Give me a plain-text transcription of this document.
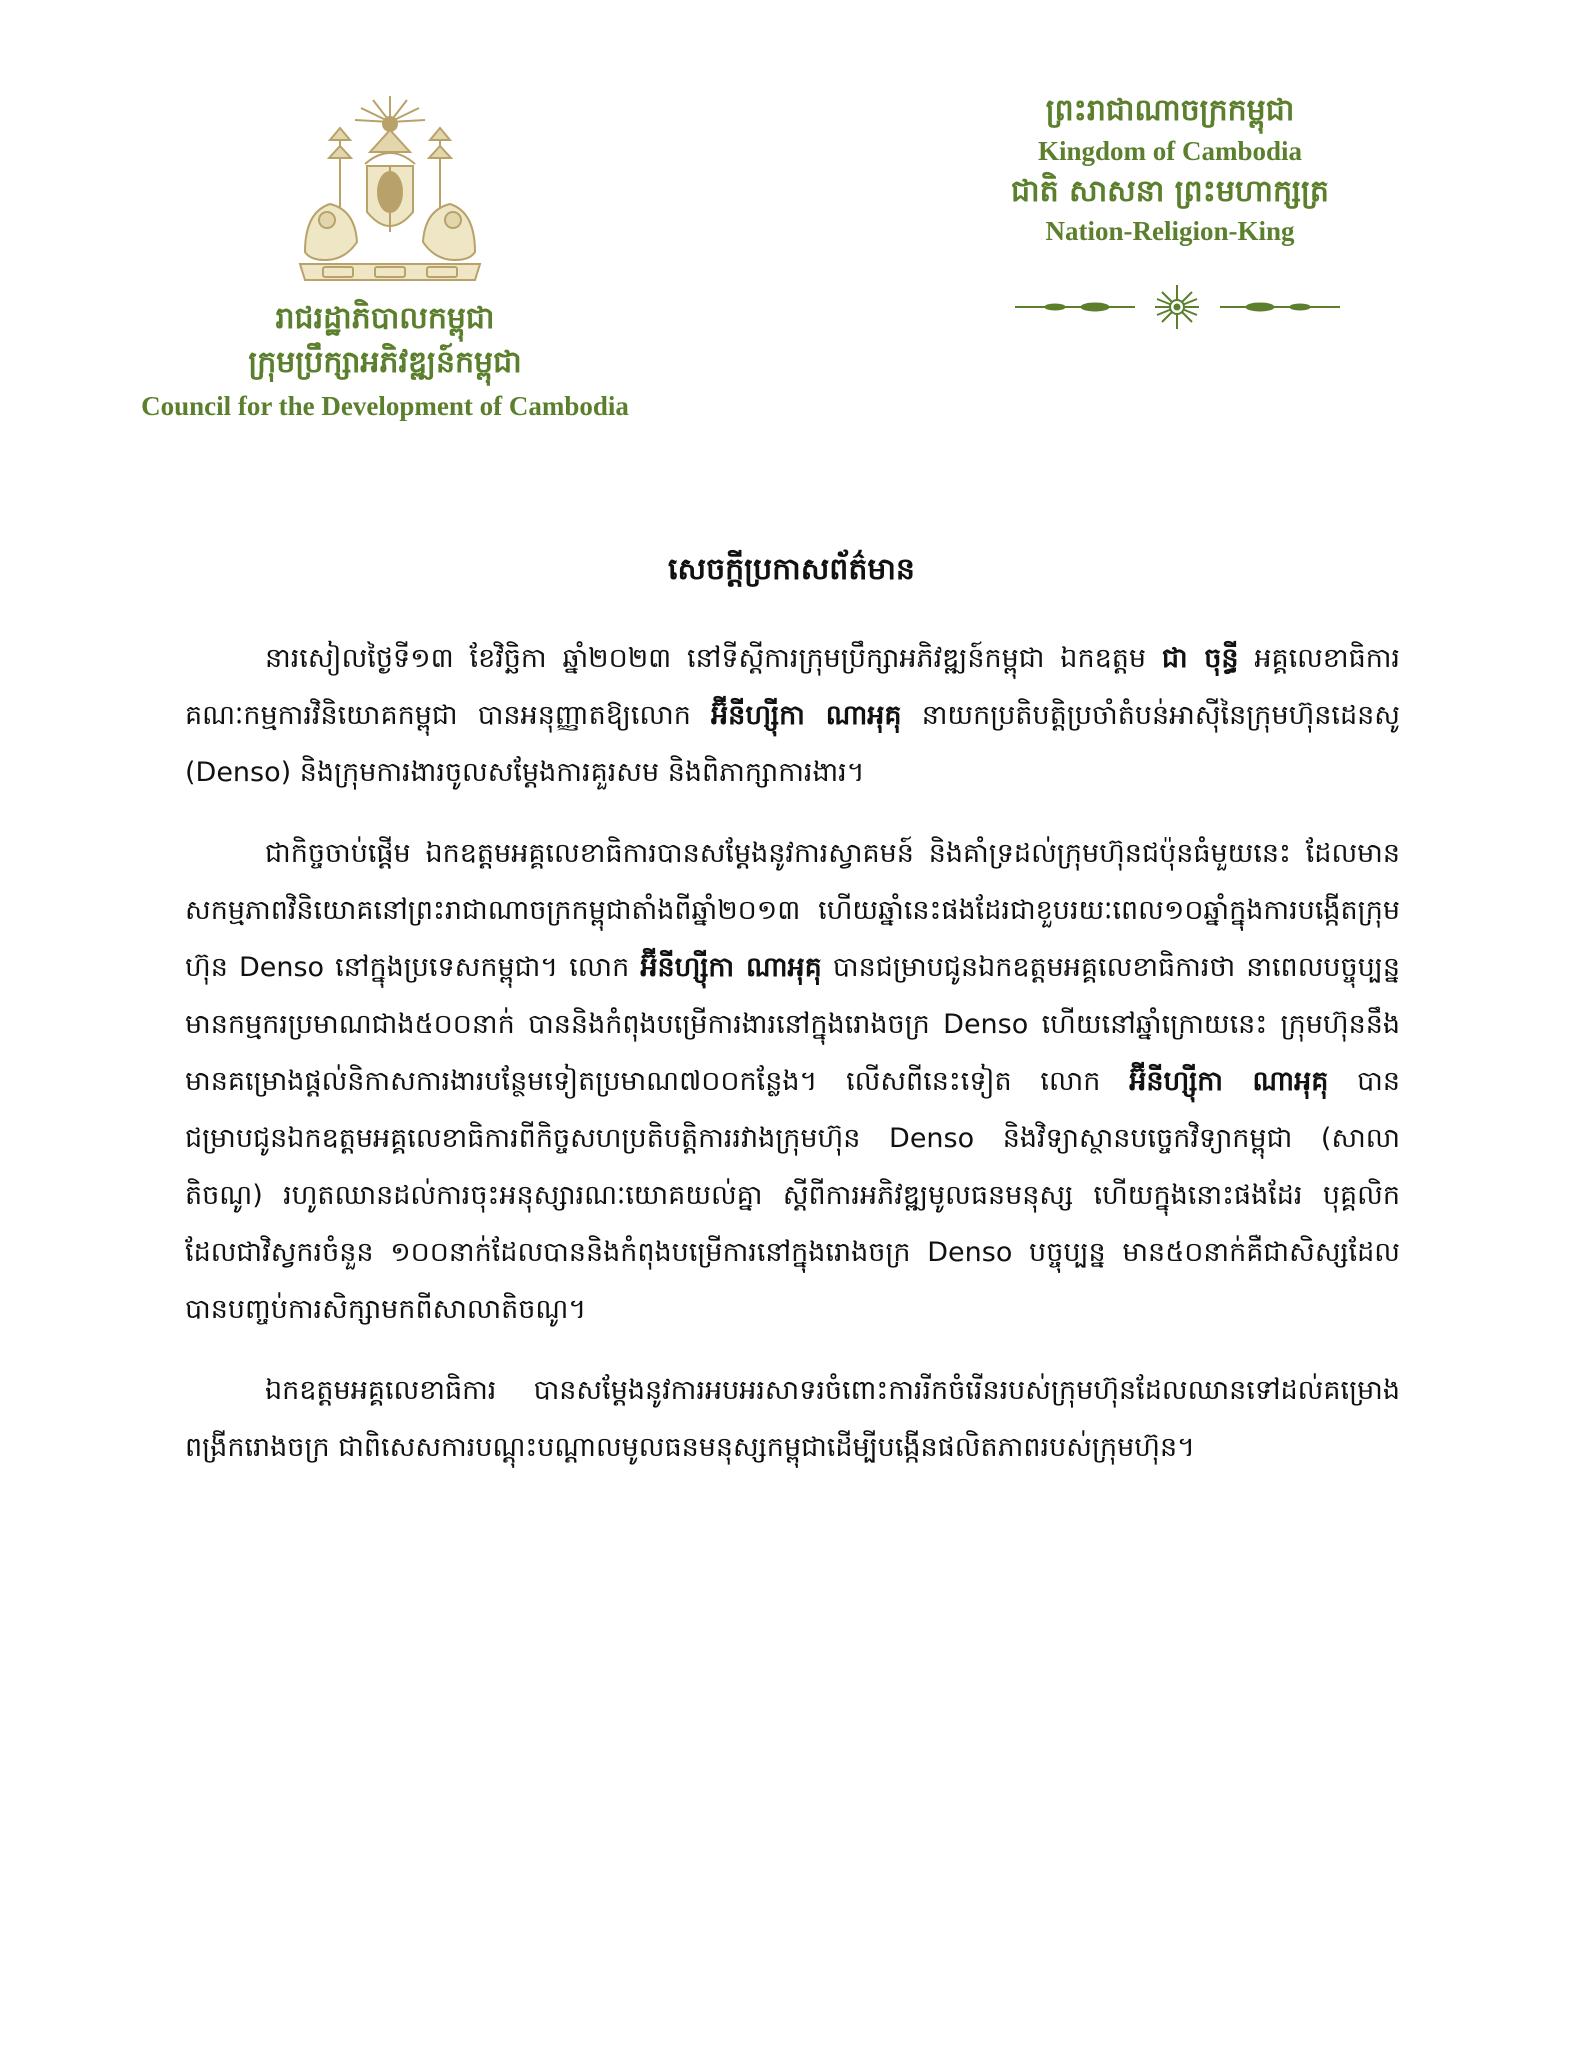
រាជរដ្ឋាភិបាលកម្ពុជា
ក្រុមប្រឹក្សាអភិវឌ្ឍន៍កម្ពុជា
Council for the Development of Cambodia
ព្រះរាជាណាចក្រកម្ពុជា
Kingdom of Cambodia
ជាតិ សាសនា ព្រះមហាក្សត្រ
Nation-Religion-King
សេចក្តីប្រកាសព័ត៌មាន

នារសៀលថ្ងៃទី១៣ ខែវិច្ឆិកា ឆ្នាំ២០២៣ នៅទីស្តីការក្រុមប្រឹក្សាអភិវឌ្ឍន៍កម្ពុជា ឯកឧត្តម ជា ចុន្ធី អគ្គលេខាធិការគណៈកម្មការវិនិយោគកម្ពុជា បានអនុញ្ញាតឱ្យលោក អ៊ីនីហ្ស៊ីកា ណាអុគុ នាយកប្រតិបត្តិប្រចាំតំបន់អាស៊ីនៃក្រុមហ៊ុនដេនសូ (Denso) និងក្រុមការងារចូលសម្តែងការគួរសម និងពិភាក្សាការងារ។

ជាកិច្ចចាប់ផ្តើម ឯកឧត្តមអគ្គលេខាធិការបានសម្តែងនូវការស្វាគមន៍ និងគាំទ្រដល់ក្រុមហ៊ុនជប៉ុនធំមួយនេះ ដែលមានសកម្មភាពវិនិយោគនៅព្រះរាជាណាចក្រកម្ពុជាតាំងពីឆ្នាំ២០១៣ ហើយឆ្នាំនេះផងដែរជាខួបរយៈពេល១០ឆ្នាំក្នុងការបង្កើតក្រុមហ៊ុន Denso នៅក្នុងប្រទេសកម្ពុជា។ លោក អ៊ីនីហ្ស៊ីកា ណាអុគុ បានជម្រាបជូនឯកឧត្តមអគ្គលេខាធិការថា នាពេលបច្ចុប្បន្ន មានកម្មករប្រមាណជាង៥០០នាក់ បាននិងកំពុងបម្រើការងារនៅក្នុងរោងចក្រ Denso ហើយនៅឆ្នាំក្រោយនេះ ក្រុមហ៊ុននឹងមានគម្រោងផ្តល់និកាសការងារបន្ថែមទៀតប្រមាណ៧០០កន្លែង។ លើសពីនេះទៀត លោក អ៊ីនីហ្ស៊ីកា ណាអុគុ បានជម្រាបជូនឯកឧត្តមអគ្គលេខាធិការពីកិច្ចសហប្រតិបត្តិការរវាងក្រុមហ៊ុន Denso និងវិទ្យាស្ថានបច្ចេកវិទ្យាកម្ពុជា (សាលាតិចណូ) រហូតឈានដល់ការចុះអនុស្សារណៈយោគយល់គ្នា ស្តីពីការអភិវឌ្ឍមូលធនមនុស្ស ហើយក្នុងនោះផងដែរ បុគ្គលិកដែលជាវិស្វករចំនួន ១០០នាក់ដែលបាននិងកំពុងបម្រើការនៅក្នុងរោងចក្រ Denso បច្ចុប្បន្ន មាន៥០នាក់គឺជាសិស្សដែលបានបញ្ចប់ការសិក្សាមកពីសាលាតិចណូ។

ឯកឧត្តមអគ្គលេខាធិការ បានសម្តែងនូវការអបអរសាទរចំពោះការរីកចំរើនរបស់ក្រុមហ៊ុនដែលឈានទៅដល់គម្រោងពង្រីករោងចក្រ ជាពិសេសការបណ្តុះបណ្តាលមូលធនមនុស្សកម្ពុជាដើម្បីបង្កើនផលិតភាពរបស់ក្រុមហ៊ុន។
